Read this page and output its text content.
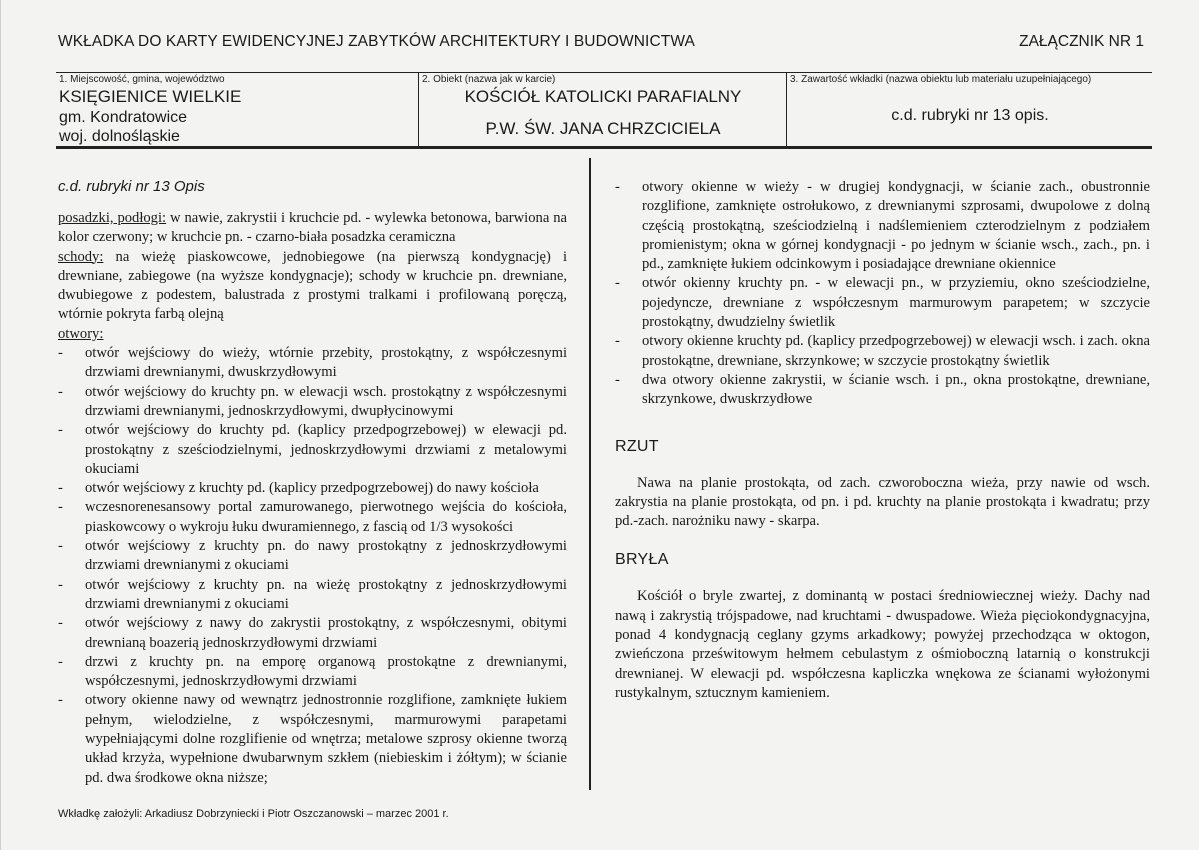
WKŁADKA DO KARTY EWIDENCYJNEJ ZABYTKÓW ARCHITEKTURY I BUDOWNICTWA	ZAŁĄCZNIK NR 1
1. Miejscowość, gmina, województwo
KSIĘGIENICE WIELKIE
gm. Kondratowice
woj. dolnośląskie
2. Obiekt (nazwa jak w karcie)
KOŚCIÓŁ KATOLICKI PARAFIALNY
P.W. ŚW. JANA CHRZCICIELA
3. Zawartość wkładki (nazwa obiektu lub materiału uzupełniającego)
c.d. rubryki nr 13 opis.
c.d. rubryki nr 13 Opis

posadzki, podłogi: w nawie, zakrystii i kruchcie pd. - wylewka betonowa, barwiona na kolor czerwony; w kruchcie pn. - czarno-biała posadzka ceramiczna

schody: na wieżę piaskowcowe, jednobiegowe (na pierwszą kondygnację) i drewniane, zabiegowe (na wyższe kondygnacje); schody w kruchcie pn. drewniane, dwubiegowe z podestem, balustrada z prostymi tralkami i profilowaną poręczą, wtórnie pokryta farbą olejną

otwory:

- otwór wejściowy do wieży, wtórnie przebity, prostokątny, z współczesnymi drzwiami drewnianymi, dwuskrzydłowymi
- otwór wejściowy do kruchty pn. w elewacji wsch. prostokątny z współczesnymi drzwiami drewnianymi, jednoskrzydłowymi, dwupłycinowymi
- otwór wejściowy do kruchty pd. (kaplicy przedpogrzebowej) w elewacji pd. prostokątny z sześciodzielnymi, jednoskrzydłowymi drzwiami z metalowymi okuciami
- otwór wejściowy z kruchty pd. (kaplicy przedpogrzebowej) do nawy kościoła
- wczesnorenesansowy portal zamurowanego, pierwotnego wejścia do kościoła, piaskowcowy o wykroju łuku dwuramiennego, z fascią od 1/3 wysokości
- otwór wejściowy z kruchty pn. do nawy prostokątny z jednoskrzydłowymi drzwiami drewnianymi z okuciami
- otwór wejściowy z kruchty pn. na wieżę prostokątny z jednoskrzydłowymi drzwiami drewnianymi z okuciami
- otwór wejściowy z nawy do zakrystii prostokątny, z współczesnymi, obitymi drewnianą boazerią jednoskrzydłowymi drzwiami
- drzwi z kruchty pn. na emporę organową prostokątne z drewnianymi, współczesnymi, jednoskrzydłowymi drzwiami
- otwory okienne nawy od wewnątrz jednostronnie rozglifione, zamknięte łukiem pełnym, wielodzielne, z współczesnymi, marmurowymi parapetami wypełniającymi dolne rozglifienie od wnętrza; metalowe szprosy okienne tworzą układ krzyża, wypełnione dwubarwnym szkłem (niebieskim i żółtym); w ścianie pd. dwa środkowe okna niższe;
- otwory okienne w wieży - w drugiej kondygnacji, w ścianie zach., obustronnie rozglifione, zamknięte ostrołukowo, z drewnianymi szprosami, dwupolowe z dolną częścią prostokątną, sześciodzielną i nadślemieniem czterodzielnym z podziałem promienistym; okna w górnej kondygnacji - po jednym w ścianie wsch., zach., pn. i pd., zamknięte łukiem odcinkowym i posiadające drewniane okiennice
- otwór okienny kruchty pn. - w elewacji pn., w przyziemiu, okno sześciodzielne, pojedyncze, drewniane z współczesnym marmurowym parapetem; w szczycie prostokątny, dwudzielny świetlik
- otwory okienne kruchty pd. (kaplicy przedpogrzebowej) w elewacji wsch. i zach. okna prostokątne, drewniane, skrzynkowe; w szczycie prostokątny świetlik
- dwa otwory okienne zakrystii, w ścianie wsch. i pn., okna prostokątne, drewniane, skrzynkowe, dwuskrzydłowe
RZUT

Nawa na planie prostokąta, od zach. czworoboczna wieża, przy nawie od wsch. zakrystia na planie prostokąta, od pn. i pd. kruchty na planie prostokąta i kwadratu; przy pd.-zach. narożniku nawy - skarpa.

BRYŁA

Kościół o bryle zwartej, z dominantą w postaci średniowiecznej wieży. Dachy nad nawą i zakrystią trójspadowe, nad kruchtami - dwuspadowe. Wieża pięciokondygnacyjna, ponad 4 kondygnacją ceglany gzyms arkadkowy; powyżej przechodząca w oktogon, zwieńczona prześwitowym hełmem cebulastym z ośmioboczną latarnią o konstrukcji drewnianej. W elewacji pd. współczesna kapliczka wnękowa ze ścianami wyłożonymi rustykalnym, sztucznym kamieniem.

Wkładkę założyli: Arkadiusz Dobrzyniecki i Piotr Oszczanowski – marzec 2001 r.
